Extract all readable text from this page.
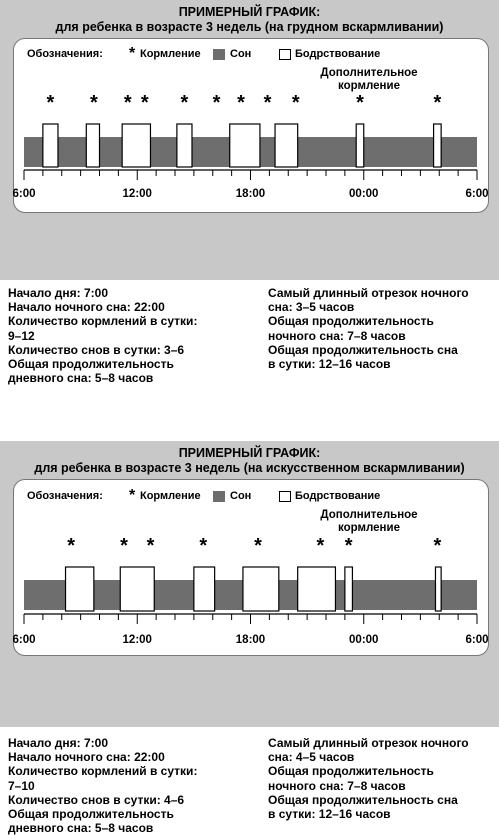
ПРИМЕРНЫЙ ГРАФИК:
для ребенка в возрасте 3 недель (на грудном вскармливании)
Обозначения: * Кормление	Сон	Бодрствование
Дополнительное
кормление
6:00	12:00	18:00	00:00	6:00
* * * * * * * * *	*	*
Начало дня: 7:00
Начало ночного сна: 22:00
Количество кормлений в сутки:
9–12
Количество снов в сутки: 3–6
Общая продолжительность
дневного сна: 5–8 часов
Самый длинный отрезок ночного
сна: 3–5 часов
Общая продолжительность
ночного сна: 7–8 часов
Общая продолжительность сна
в сутки: 12–16 часов
ПРИМЕРНЫЙ ГРАФИК:
для ребенка в возрасте 3 недель (на искусственном вскармливании)
Обозначения: * Кормление	Сон	Бодрствование
Дополнительное
кормление
6:00	12:00	18:00	00:00	6:00
* * * * *	* *	*
Начало дня: 7:00
Начало ночного сна: 22:00
Количество кормлений в сутки:
7–10
Количество снов в сутки: 4–6
Общая продолжительность
дневного сна: 5–8 часов
Самый длинный отрезок ночного
сна: 4–5 часов
Общая продолжительность
ночного сна: 7–8 часов
Общая продолжительность сна
в сутки: 12–16 часов
